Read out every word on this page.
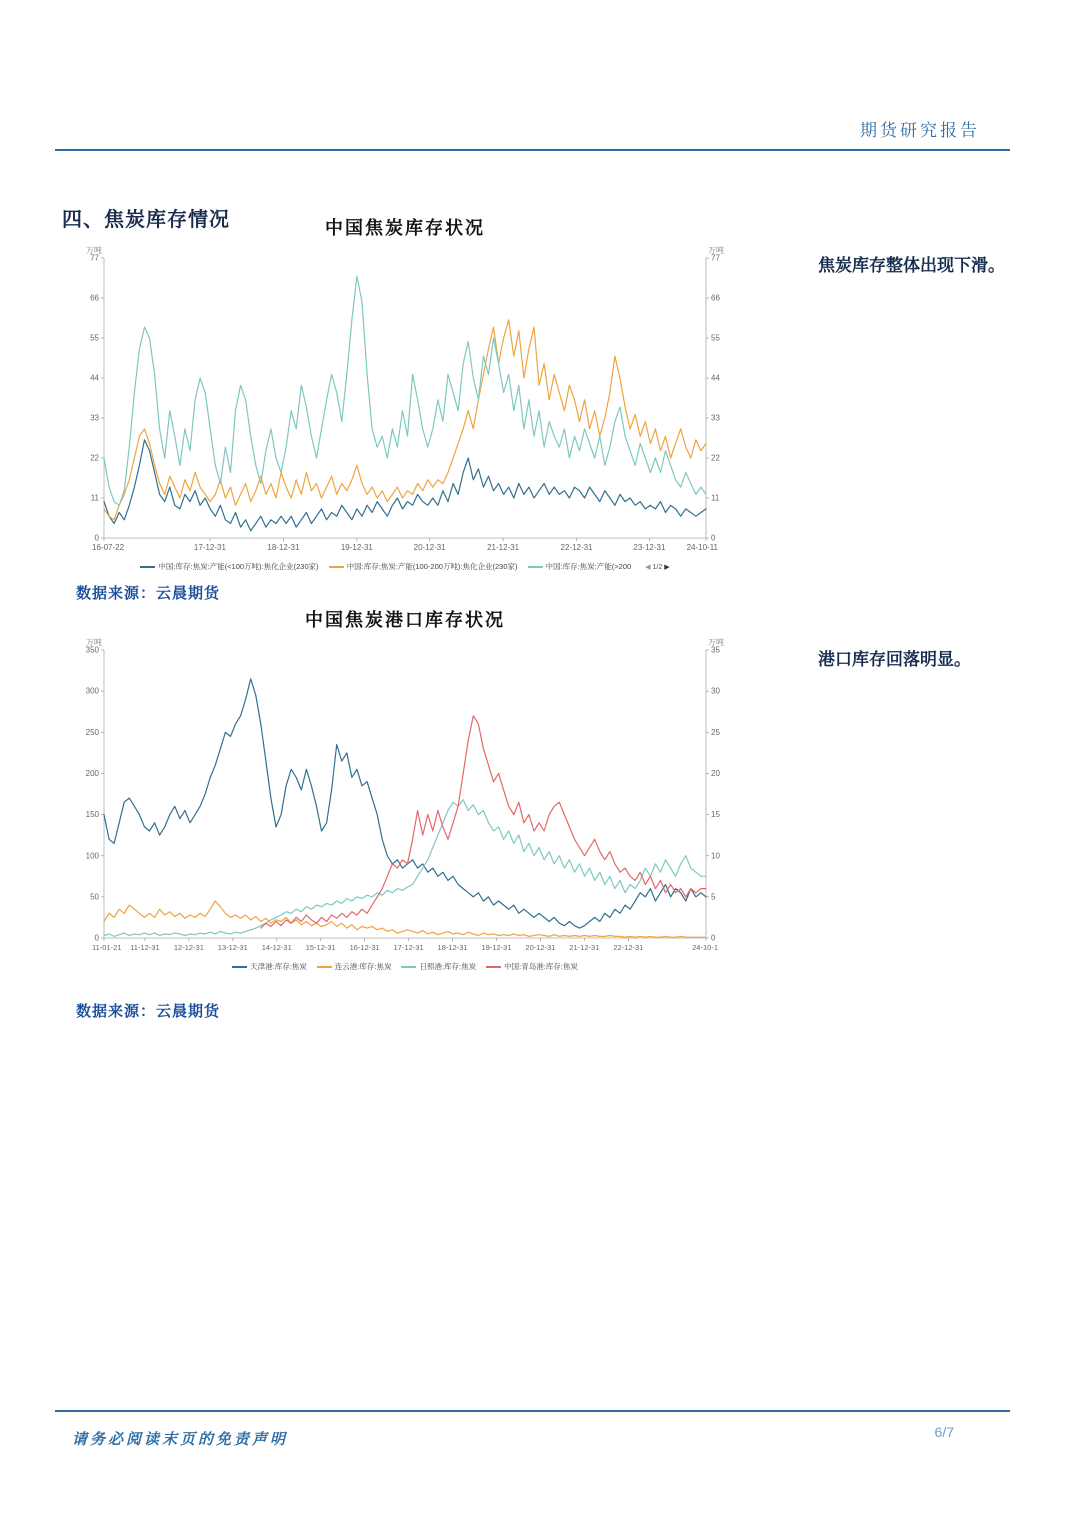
期货研究报告
四、焦炭库存情况	中国焦炭库存状况
万吨	万吨
0	0
11	11
22	22
33	33
44	44
55	55
66	66
77	77
16-07-22	17-12-31	18-12-31	19-12-31	20-12-31	21-12-31	22-12-31	23-12-31	24-10-11
中国:库存:焦炭:产能(<100万吨):焦化企业(230家)	中国:库存:焦炭:产能(100-200万吨):焦化企业(230家)	中国:库存:焦炭:产能(>200 ◀ 1/2 ▶
焦炭库存整体出现下滑。
数据来源：云晨期货
中国焦炭港口库存状况
万吨	万吨
0	0
50	5
100	10
150	15
200	20
250	25
300	30
350	35
11-01-21 11-12-31 12-12-31 13-12-31 14-12-31 15-12-31 16-12-31 17-12-31 18-12-31 19-12-31 20-12-31 21-12-31 22-12-31	24-10-1
天津港:库存:焦炭	连云港:库存:焦炭	日照港:库存:焦炭	中国:青岛港:库存:焦炭
港口库存回落明显。
数据来源：云晨期货
请务必阅读末页的免责声明	6/7
